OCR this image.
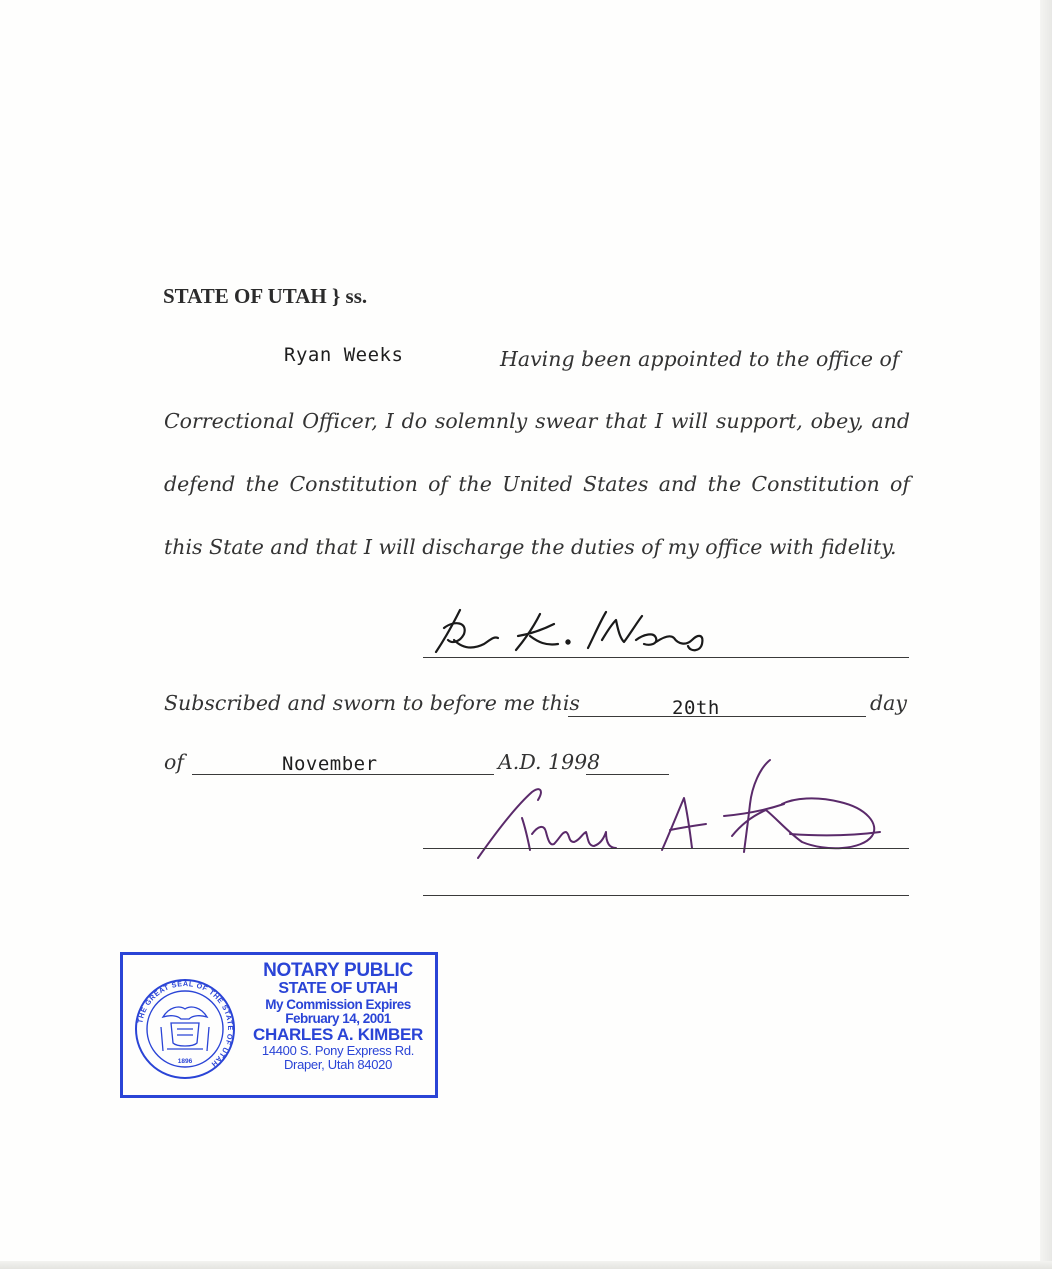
STATE OF UTAH } ss.
Ryan Weeks	Having been appointed to the office of
Correctional Officer, I do solemnly swear that I will support, obey, and
defend the Constitution of the United States and the Constitution of
this State and that I will discharge the duties of my office with fidelity.
Subscribed and sworn to before me this	20th	day
of	November	A.D. 1998
THE GREAT SEAL OF THE STATE OF UTAH
1896
NOTARY PUBLIC
STATE OF UTAH
My Commission Expires
February 14, 2001
CHARLES A. KIMBER
14400 S. Pony Express Rd.
Draper, Utah 84020
